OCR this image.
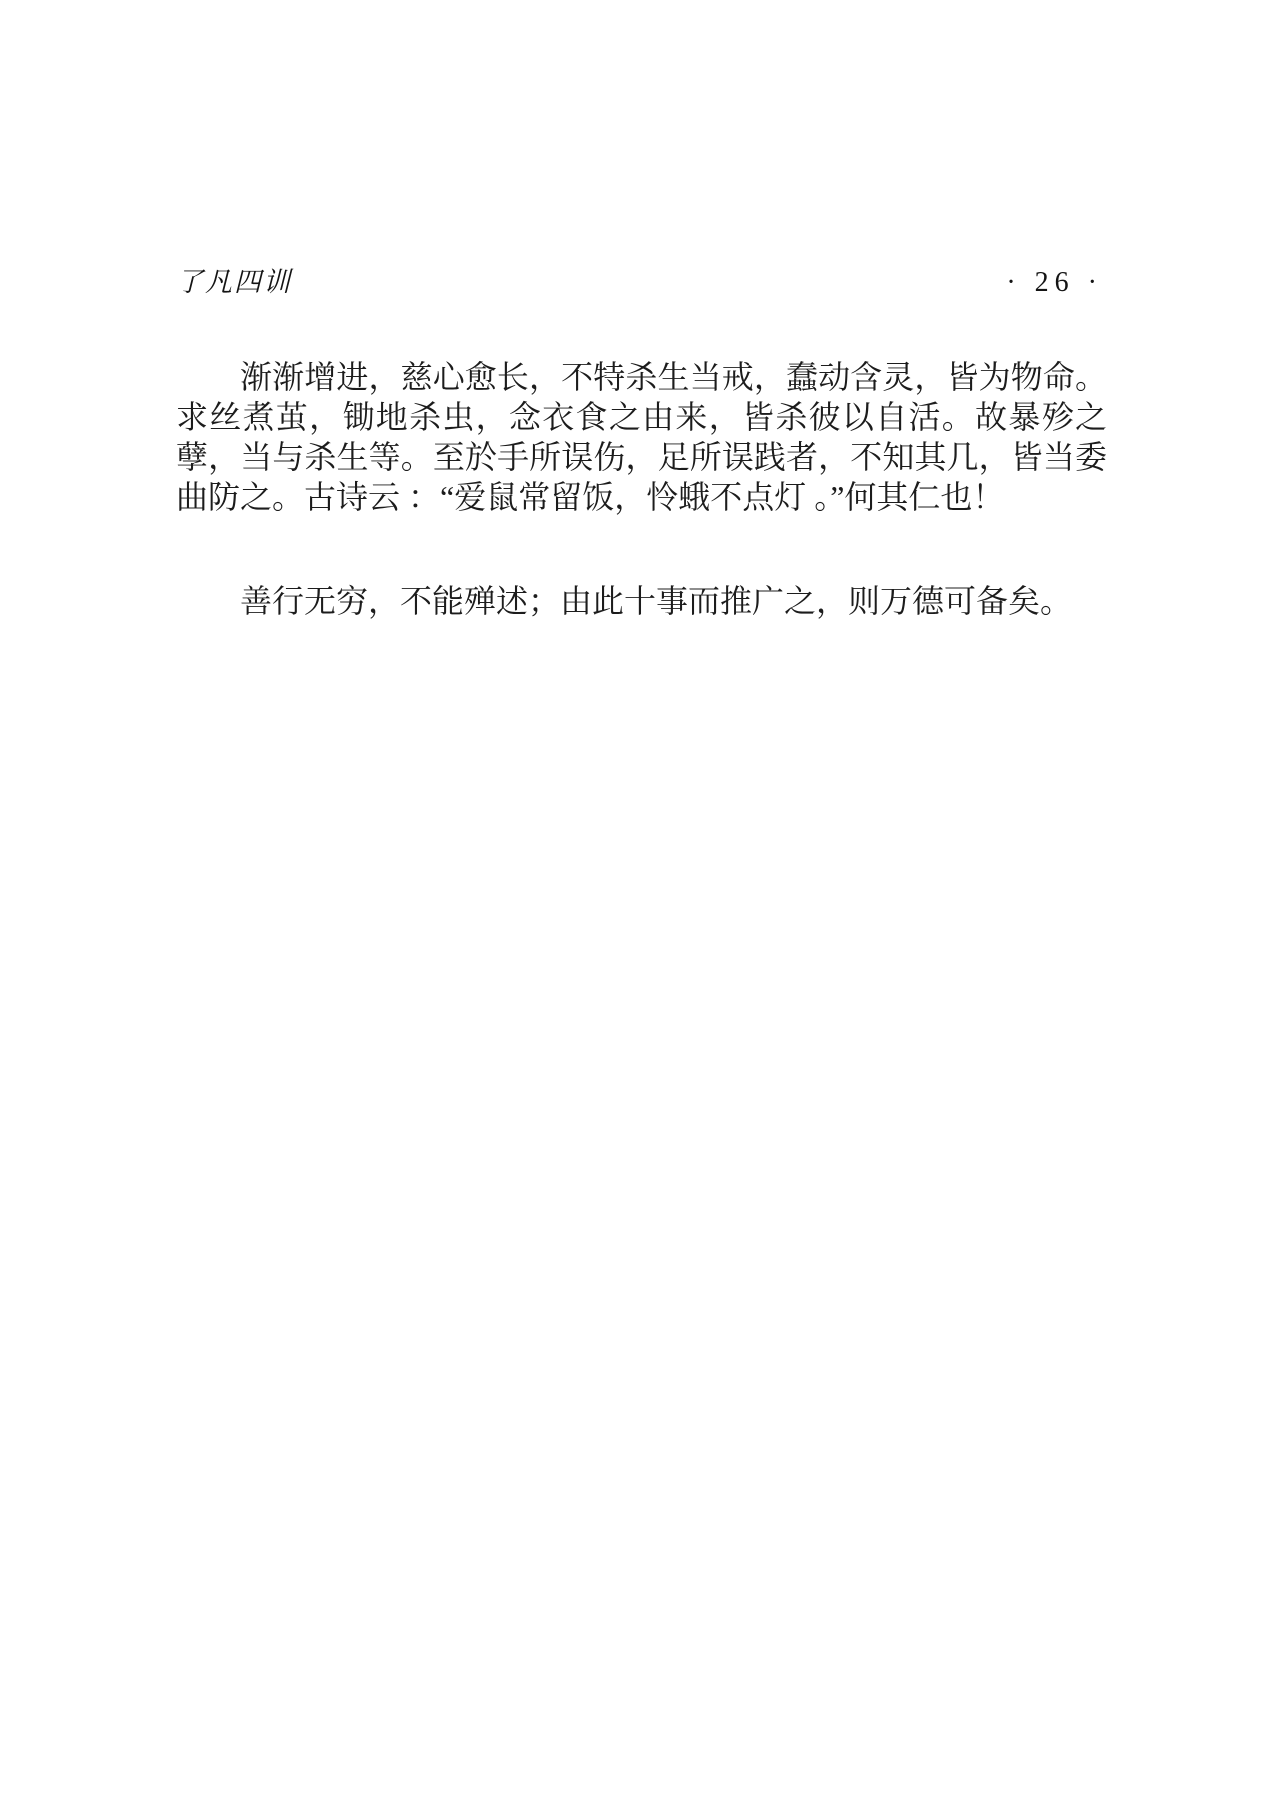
了凡四训	· 26 ·

渐渐增进，慈心愈长，不特杀生当戒，蠢动含灵，皆为物命。求丝煮茧，锄地杀虫，念衣食之由来，皆杀彼以自活。故暴殄之孽，当与杀生等。至於手所误伤，足所误践者，不知其几，皆当委曲防之。古诗云 ：“爱鼠常留饭，怜蛾不点灯 。”何其仁也！

善行无穷，不能殚述；由此十事而推广之，则万德可备矣。
